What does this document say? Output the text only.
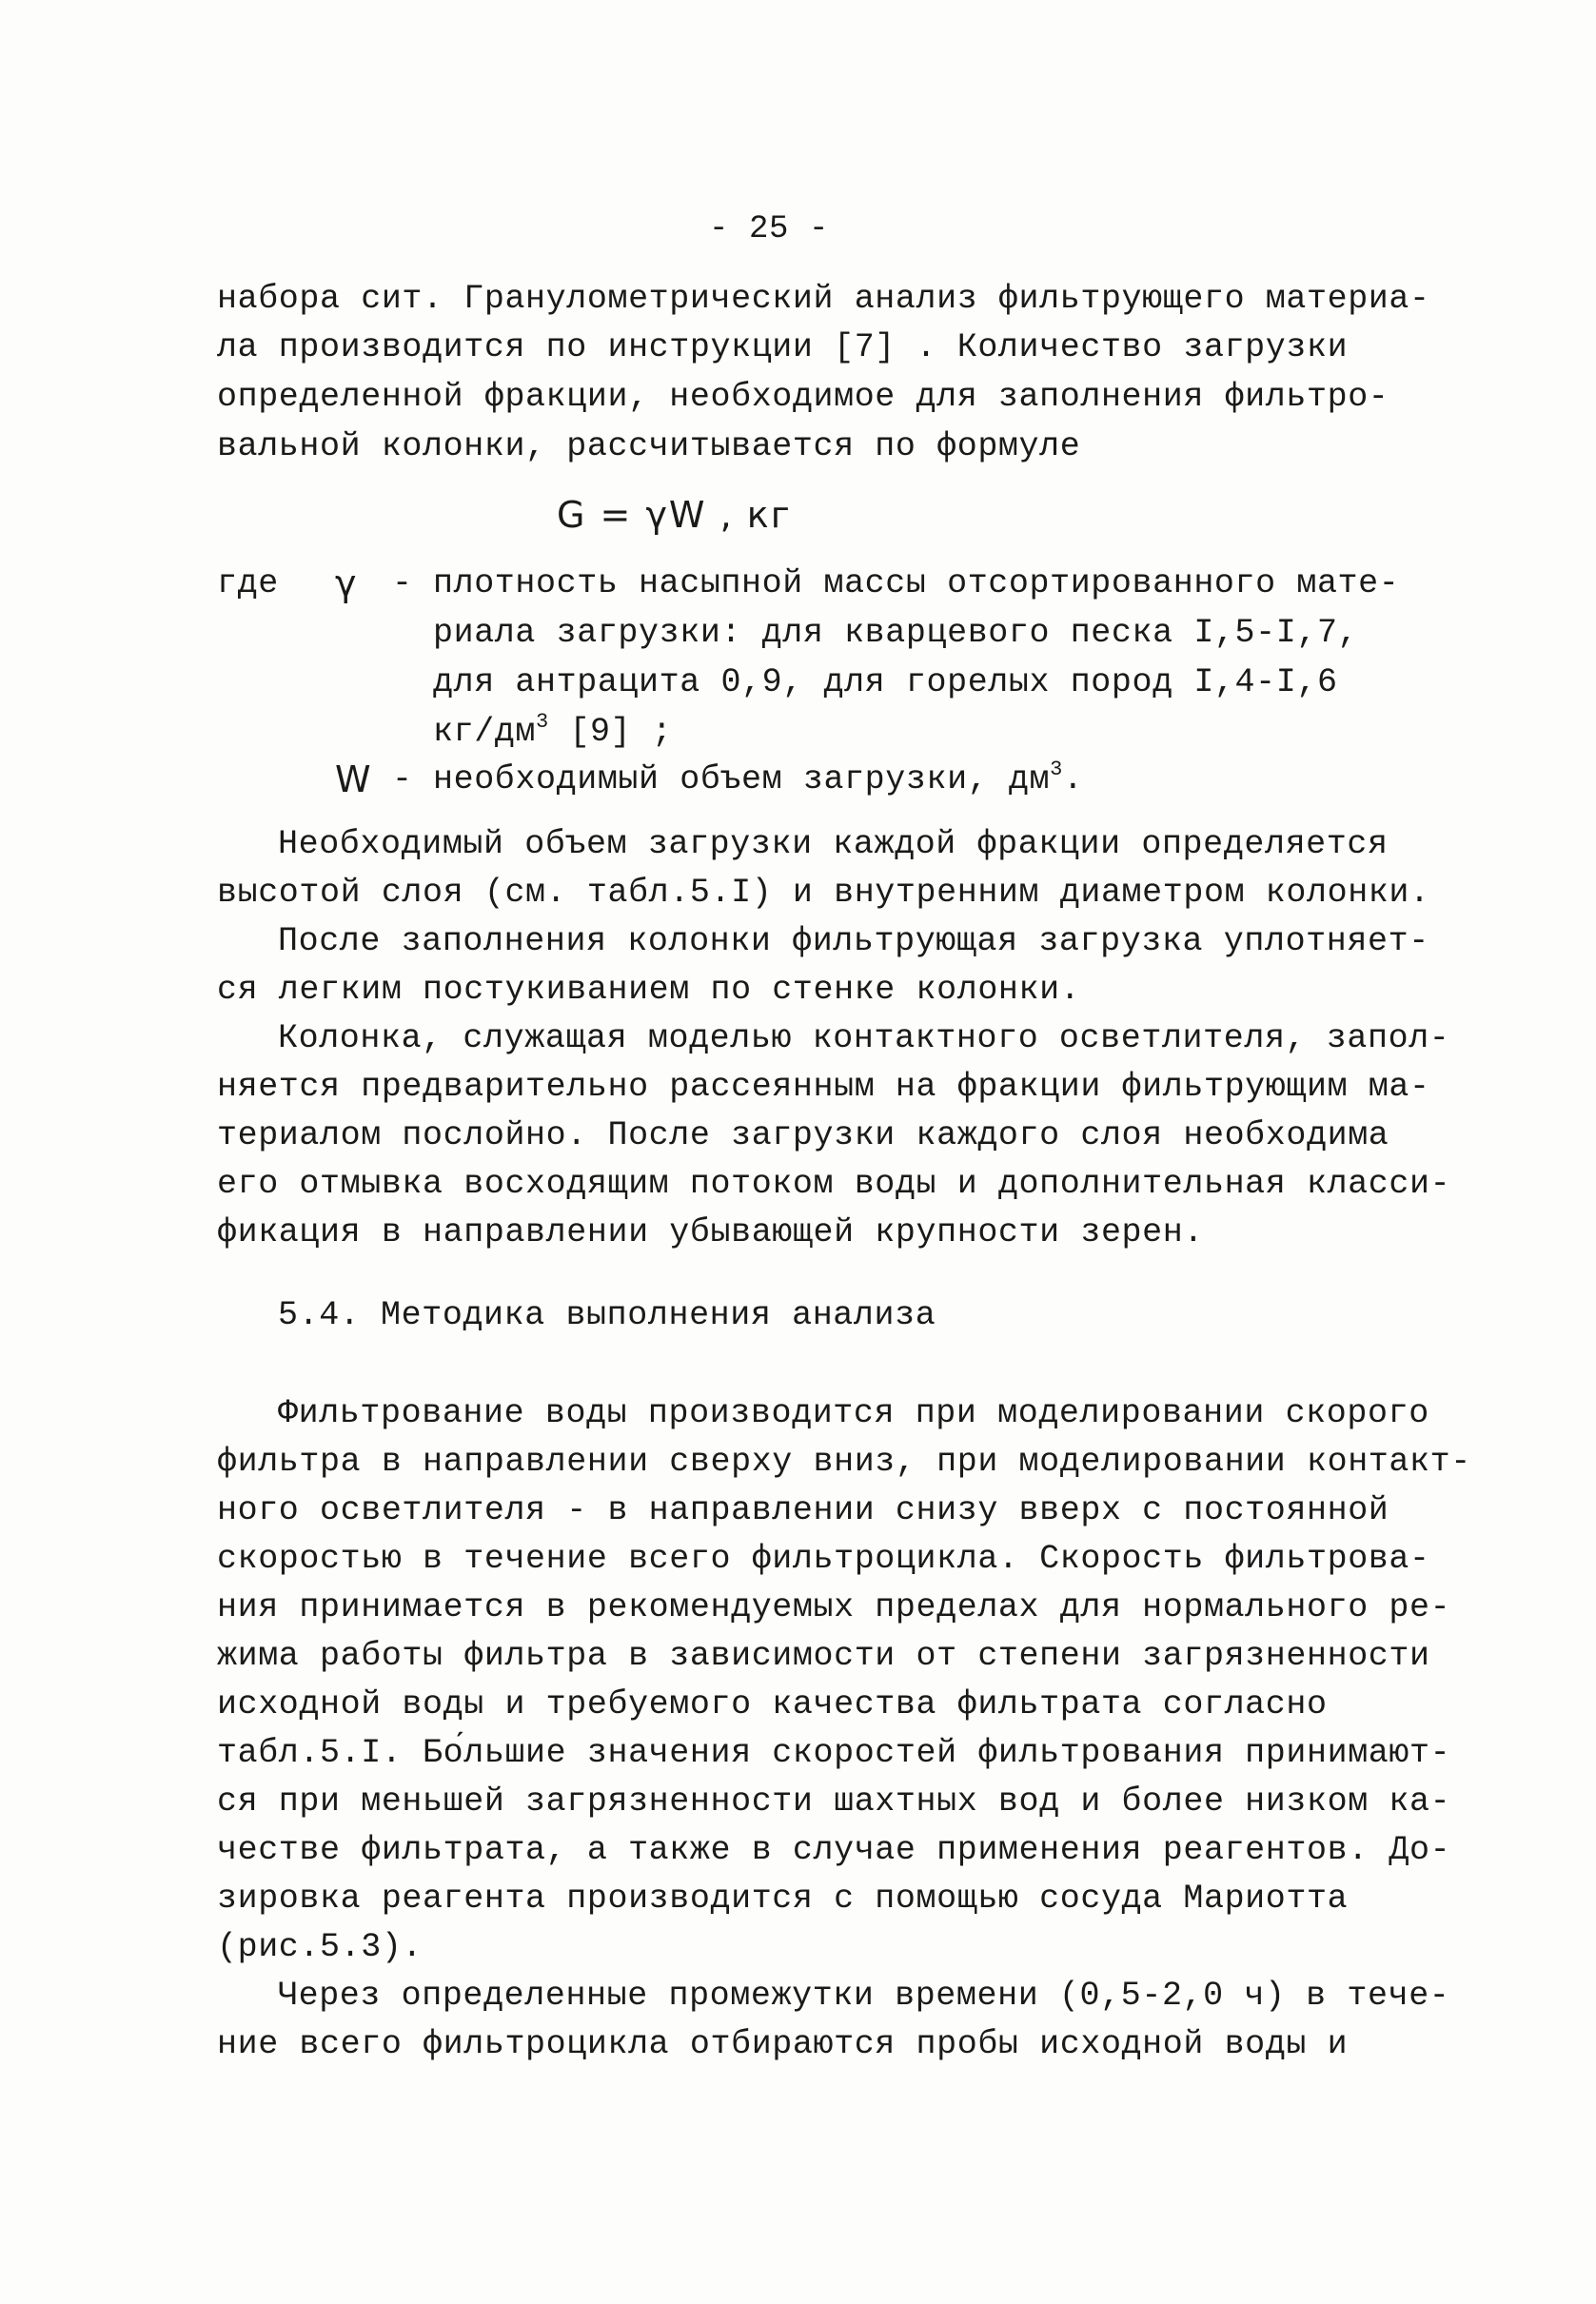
- 25 -
набора сит. Гранулометрический анализ фильтрующего материа-
ла производится по инструкции [7] . Количество загрузки
определенной фракции, необходимое для заполнения фильтро-
вальной колонки, рассчитывается по формуле
G = γW , кг
где γ - плотность насыпной массы отсортированного мате-
риала загрузки: для кварцевого песка I,5-I,7,
для антрацита 0,9, для горелых пород I,4-I,6
$кг/дм^3$ [9] ;
W - необходимый объем загрузки, $дм^3$.
Необходимый объем загрузки каждой фракции определяется
высотой слоя (см. табл.5.I) и внутренним диаметром колонки.
После заполнения колонки фильтрующая загрузка уплотняет-
ся легким постукиванием по стенке колонки.
Колонка, служащая моделью контактного осветлителя, запол-
няется предварительно рассеянным на фракции фильтрующим ма-
териалом послойно. После загрузки каждого слоя необходима
его отмывка восходящим потоком воды и дополнительная класси-
фикация в направлении убывающей крупности зерен.
5.4. Методика выполнения анализа
Фильтрование воды производится при моделировании скорого
фильтра в направлении сверху вниз, при моделировании контакт-
ного осветлителя - в направлении снизу вверх с постоянной
скоростью в течение всего фильтроцикла. Скорость фильтрова-
ния принимается в рекомендуемых пределах для нормального ре-
жима работы фильтра в зависимости от степени загрязненности
исходной воды и требуемого качества фильтрата согласно
табл.5.I. Бо́льшие значения скоростей фильтрования принимают-
ся при меньшей загрязненности шахтных вод и более низком ка-
честве фильтрата, а также в случае применения реагентов. До-
зировка реагента производится с помощью сосуда Мариотта
(рис.5.3).
Через определенные промежутки времени (0,5-2,0 ч) в тече-
ние всего фильтроцикла отбираются пробы исходной воды и
